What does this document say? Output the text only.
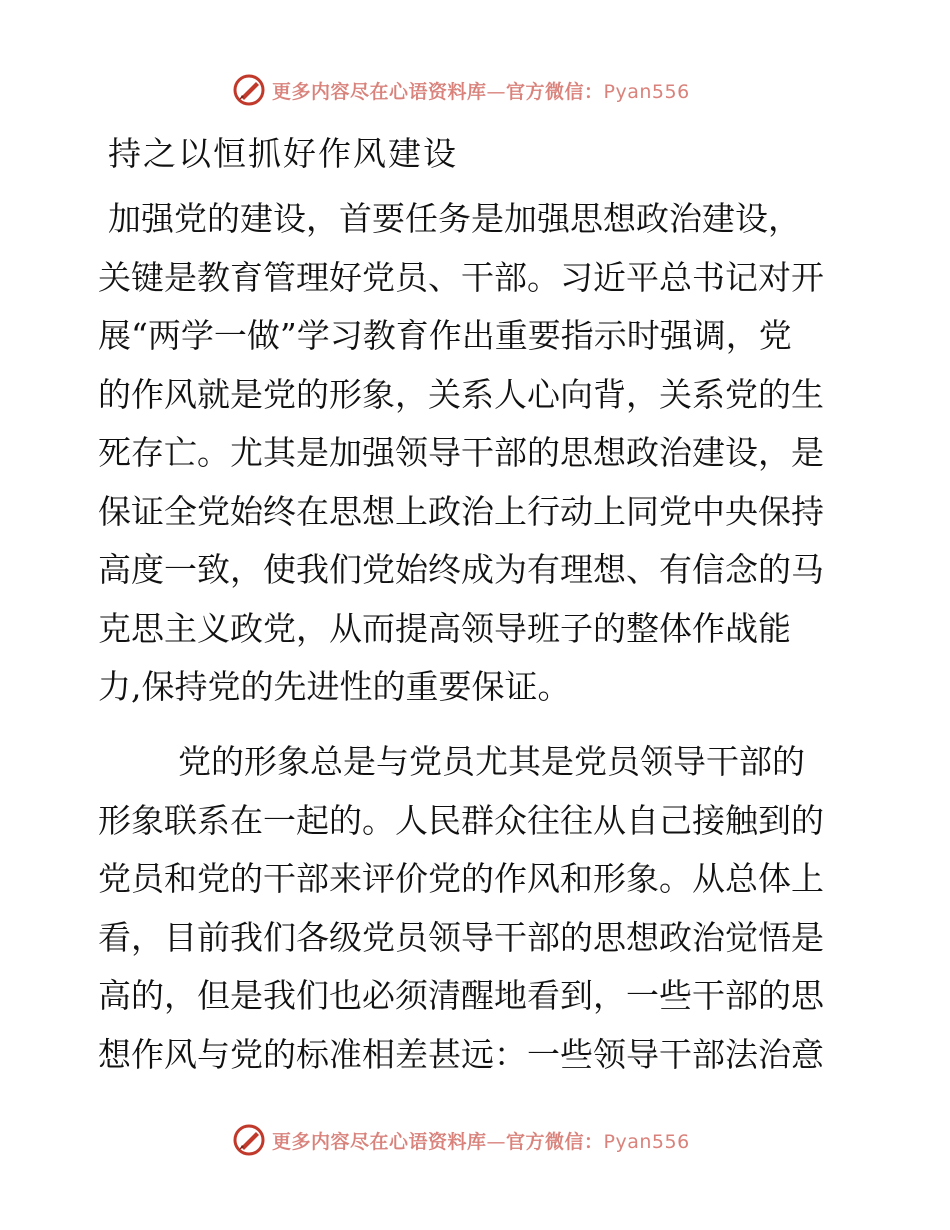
更多内容尽在心语资料库—官方微信：Pyan556
持之以恒抓好作风建设
加强党的建设，首要任务是加强思想政治建设，
关键是教育管理好党员、干部。习近平总书记对开
展“两学一做”学习教育作出重要指示时强调，党
的作风就是党的形象，关系人心向背，关系党的生
死存亡。尤其是加强领导干部的思想政治建设，是
保证全党始终在思想上政治上行动上同党中央保持
高度一致，使我们党始终成为有理想、有信念的马
克思主义政党，从而提高领导班子的整体作战能
力,保持党的先进性的重要保证。
党的形象总是与党员尤其是党员领导干部的
形象联系在一起的。人民群众往往从自己接触到的
党员和党的干部来评价党的作风和形象。从总体上
看，目前我们各级党员领导干部的思想政治觉悟是
高的，但是我们也必须清醒地看到，一些干部的思
想作风与党的标准相差甚远：一些领导干部法治意
更多内容尽在心语资料库—官方微信：Pyan556
